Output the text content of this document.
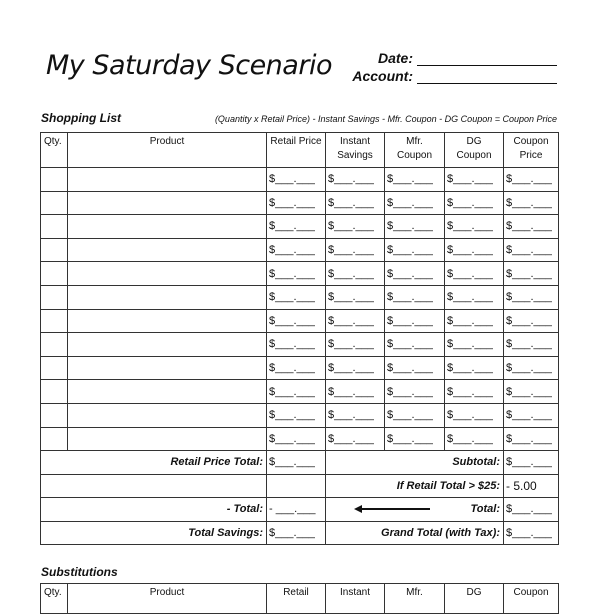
My Saturday Scenario	Date:
Account:
Shopping List	(Quantity x Retail Price) - Instant Savings - Mfr. Coupon - DG Coupon = Coupon Price
Qty.	Product	Retail Price	Instant Savings	Mfr. Coupon	DG Coupon	Coupon Price
		$___.___	$___.___	$___.___	$___.___	$___.___
		$___.___	$___.___	$___.___	$___.___	$___.___
		$___.___	$___.___	$___.___	$___.___	$___.___
		$___.___	$___.___	$___.___	$___.___	$___.___
		$___.___	$___.___	$___.___	$___.___	$___.___
		$___.___	$___.___	$___.___	$___.___	$___.___
		$___.___	$___.___	$___.___	$___.___	$___.___
		$___.___	$___.___	$___.___	$___.___	$___.___
		$___.___	$___.___	$___.___	$___.___	$___.___
		$___.___	$___.___	$___.___	$___.___	$___.___
		$___.___	$___.___	$___.___	$___.___	$___.___
		$___.___	$___.___	$___.___	$___.___	$___.___
Retail Price Total:		$___.___	Subtotal:			$___.___
			If Retail Total > $25:			- 5.00
- Total:		- ___.___	Total:			$___.___
Total Savings:		$___.___	Grand Total (with Tax):			$___.___
Substitutions
Qty.	Product	Retail	Instant	Mfr.	DG	Coupon
